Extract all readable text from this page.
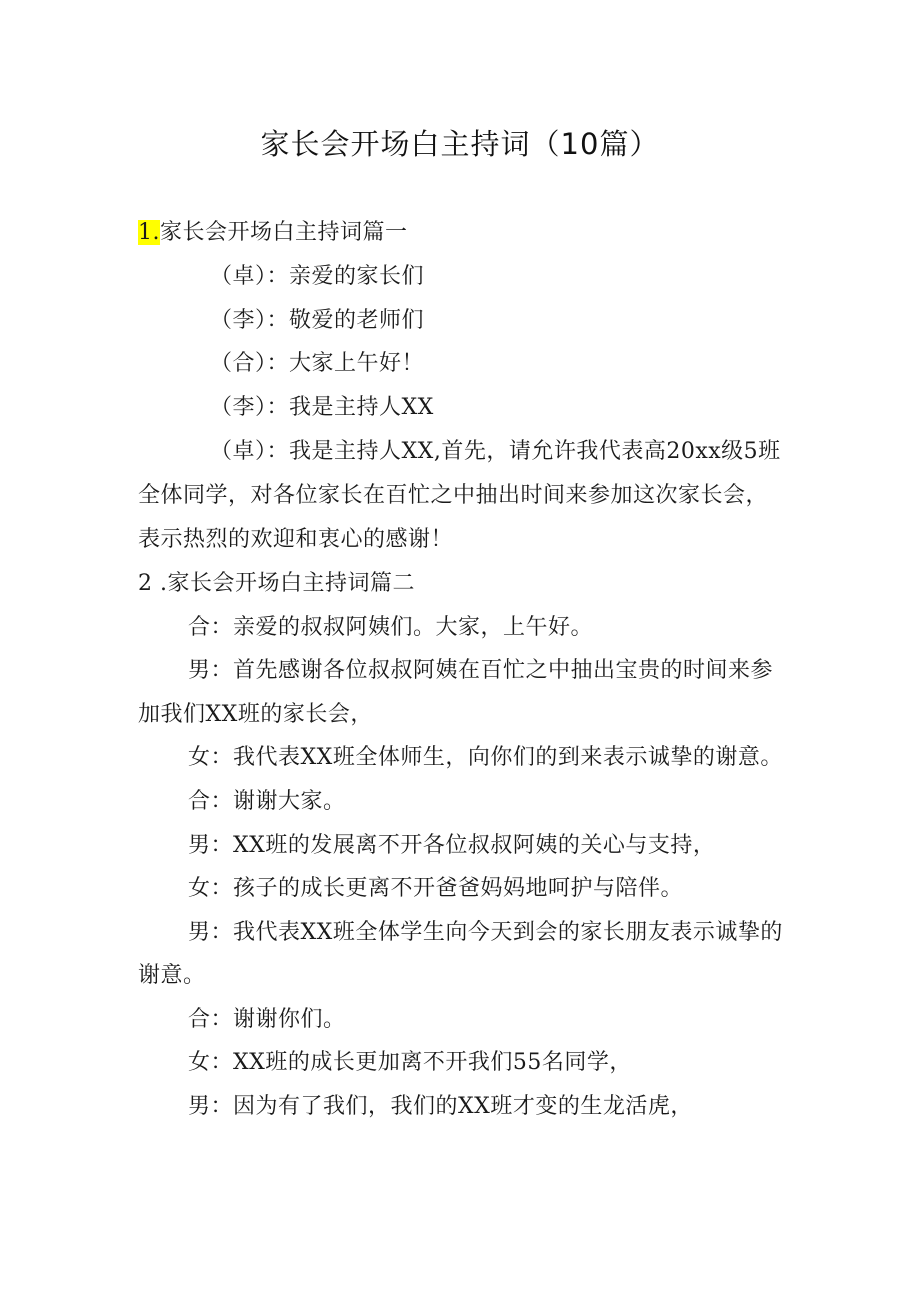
家长会开场白主持词（10篇）
1.家长会开场白主持词篇一
（卓）：亲爱的家长们
（李）：敬爱的老师们
（合）：大家上午好！
（李）：我是主持人XX
（卓）：我是主持人XX,首先，请允许我代表高20xx级5班
全体同学，对各位家长在百忙之中抽出时间来参加这次家长会，
表示热烈的欢迎和衷心的感谢！
2 .家长会开场白主持词篇二
合：亲爱的叔叔阿姨们。大家，上午好。
男：首先感谢各位叔叔阿姨在百忙之中抽出宝贵的时间来参
加我们XX班的家长会，
女：我代表XX班全体师生，向你们的到来表示诚挚的谢意。
合：谢谢大家。
男：XX班的发展离不开各位叔叔阿姨的关心与支持，
女：孩子的成长更离不开爸爸妈妈地呵护与陪伴。
男：我代表XX班全体学生向今天到会的家长朋友表示诚挚的
谢意。
合：谢谢你们。
女：XX班的成长更加离不开我们55名同学，
男：因为有了我们，我们的XX班才变的生龙活虎，
